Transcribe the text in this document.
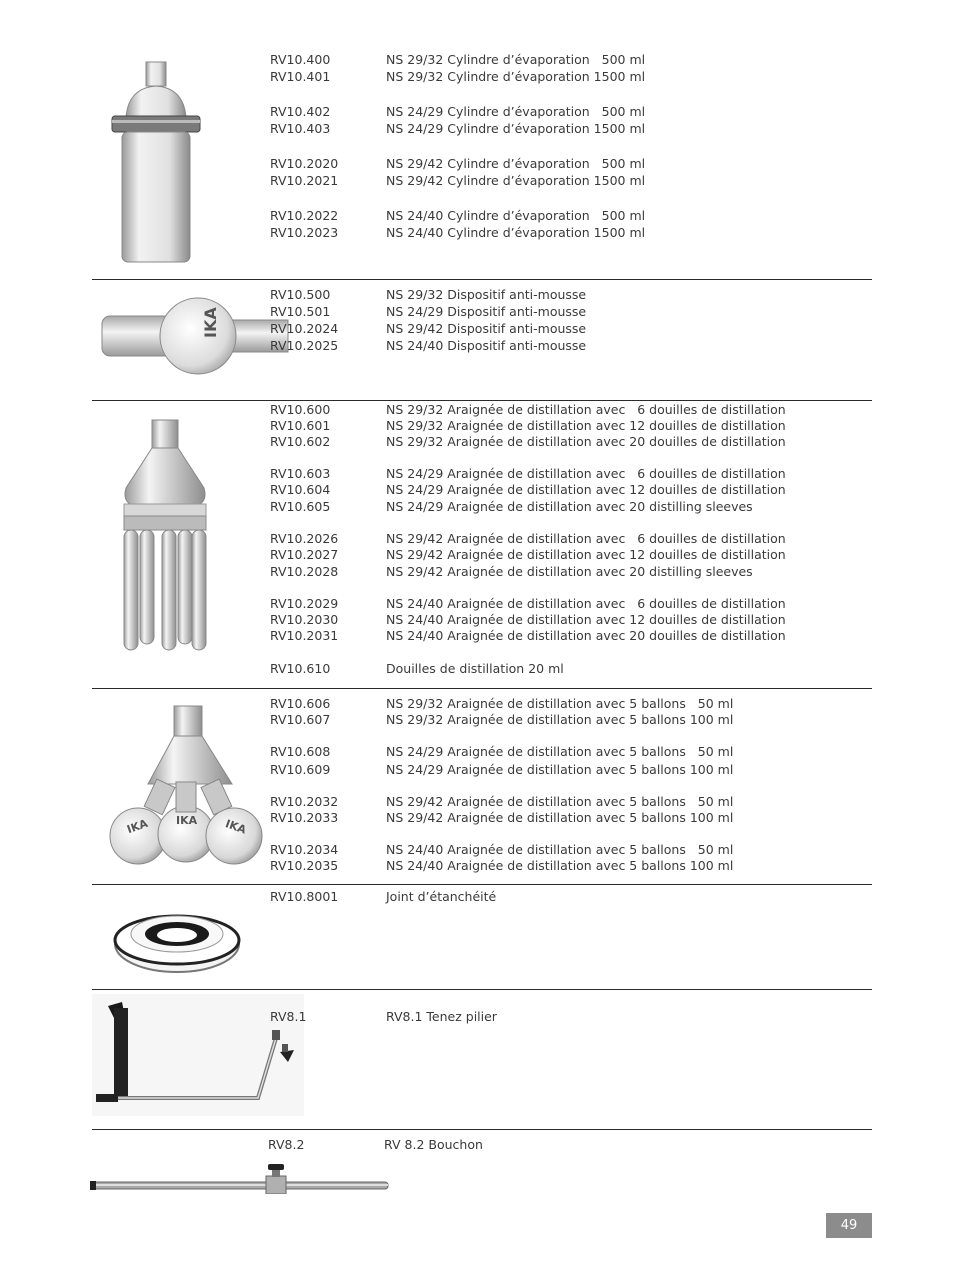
RV10.400	NS 29/32 Cylindre d’évaporation   500 ml
RV10.401	NS 29/32 Cylindre d’évaporation 1500 ml
RV10.402	NS 24/29 Cylindre d’évaporation   500 ml
RV10.403	NS 24/29 Cylindre d’évaporation 1500 ml
RV10.2020	NS 29/42 Cylindre d’évaporation   500 ml
RV10.2021	NS 29/42 Cylindre d’évaporation 1500 ml
RV10.2022	NS 24/40 Cylindre d’évaporation   500 ml
RV10.2023	NS 24/40 Cylindre d’évaporation 1500 ml
IKA
RV10.500	NS 29/32 Dispositif anti-mousse
RV10.501	NS 24/29 Dispositif anti-mousse
RV10.2024	NS 29/42 Dispositif anti-mousse
RV10.2025	NS 24/40 Dispositif anti-mousse
RV10.600	NS 29/32 Araignée de distillation avec   6 douilles de distillation
RV10.601	NS 29/32 Araignée de distillation avec 12 douilles de distillation
RV10.602	NS 29/32 Araignée de distillation avec 20 douilles de distillation
RV10.603	NS 24/29 Araignée de distillation avec   6 douilles de distillation
RV10.604	NS 24/29 Araignée de distillation avec 12 douilles de distillation
RV10.605	NS 24/29 Araignée de distillation avec 20 distilling sleeves
RV10.2026	NS 29/42 Araignée de distillation avec   6 douilles de distillation
RV10.2027	NS 29/42 Araignée de distillation avec 12 douilles de distillation
RV10.2028	NS 29/42 Araignée de distillation avec 20 distilling sleeves
RV10.2029	NS 24/40 Araignée de distillation avec   6 douilles de distillation
RV10.2030	NS 24/40 Araignée de distillation avec 12 douilles de distillation
RV10.2031	NS 24/40 Araignée de distillation avec 20 douilles de distillation
RV10.610	Douilles de distillation 20 ml
IKA IKA IKA
RV10.606	NS 29/32 Araignée de distillation avec 5 ballons   50 ml
RV10.607	NS 29/32 Araignée de distillation avec 5 ballons 100 ml
RV10.608	NS 24/29 Araignée de distillation avec 5 ballons   50 ml
RV10.609	NS 24/29 Araignée de distillation avec 5 ballons 100 ml
RV10.2032	NS 29/42 Araignée de distillation avec 5 ballons   50 ml
RV10.2033	NS 29/42 Araignée de distillation avec 5 ballons 100 ml
RV10.2034	NS 24/40 Araignée de distillation avec 5 ballons   50 ml
RV10.2035	NS 24/40 Araignée de distillation avec 5 ballons 100 ml
RV10.8001	Joint d’étanchéité
RV8.1	RV8.1 Tenez pilier
RV8.2	RV 8.2 Bouchon
49
